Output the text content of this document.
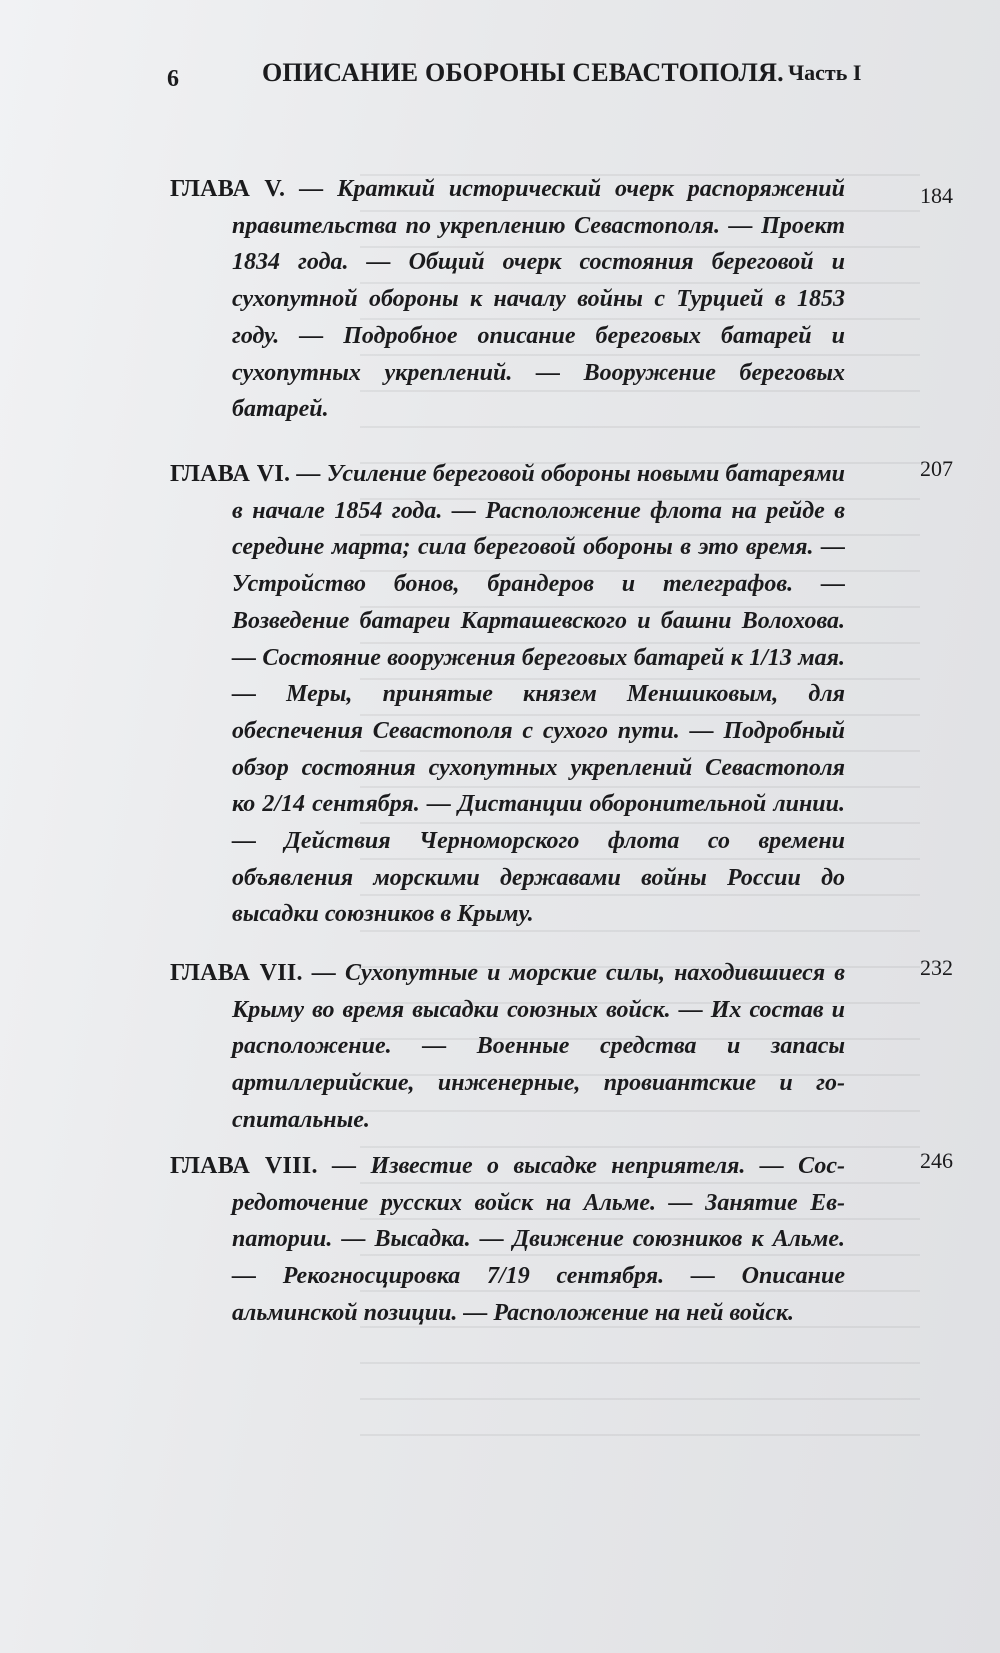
6	ОПИСАНИЕ ОБОРОНЫ СЕВАСТОПОЛЯ. Часть I

ГЛАВА V. — Краткий исторический очерк распоряжений правительства по укреплению Севастополя. — Проект 1834 года. — Общий очерк состояния береговой и сухопутной обороны к началу войны с Турцией в 1853 году. — Подробное описание береговых батарей и сухопутных укреплений. — Вооружение береговых батарей.

184

ГЛАВА VI. — Усиление береговой обороны новыми батареями в начале 1854 года. — Расположение флота на рейде в середине марта; сила береговой обороны в это время. — Устройство бонов, брандеров и телеграфов. — Возведение батареи Карташевского и башни Волохова. — Состояние вооружения береговых батарей к 1/13 мая. — Меры, принятые князем Меншиковым, для обеспечения Севастополя с сухого пути. — Подробный обзор состояния сухопутных укреплений Севастополя ко 2/14 сентября. — Дистанции оборонительной линии. — Действия Черноморского флота со времени объявления морскими державами войны России до высадки союзников в Крыму.

207

ГЛАВА VII. — Сухопутные и морские силы, находившиеся в Крыму во время высадки союзных войск. — Их состав и расположение. — Военные средства и запасы артиллерийские, инженерные, провиантские и госпитальные.

232

ГЛАВА VIII. — Известие о высадке неприятеля. — Сосредоточение русских войск на Альме. — Занятие Евпатории. — Высадка. — Движение союзников к Альме. — Рекогносцировка 7/19 сентября. — Описание альминской позиции. — Расположение на ней войск.

246
